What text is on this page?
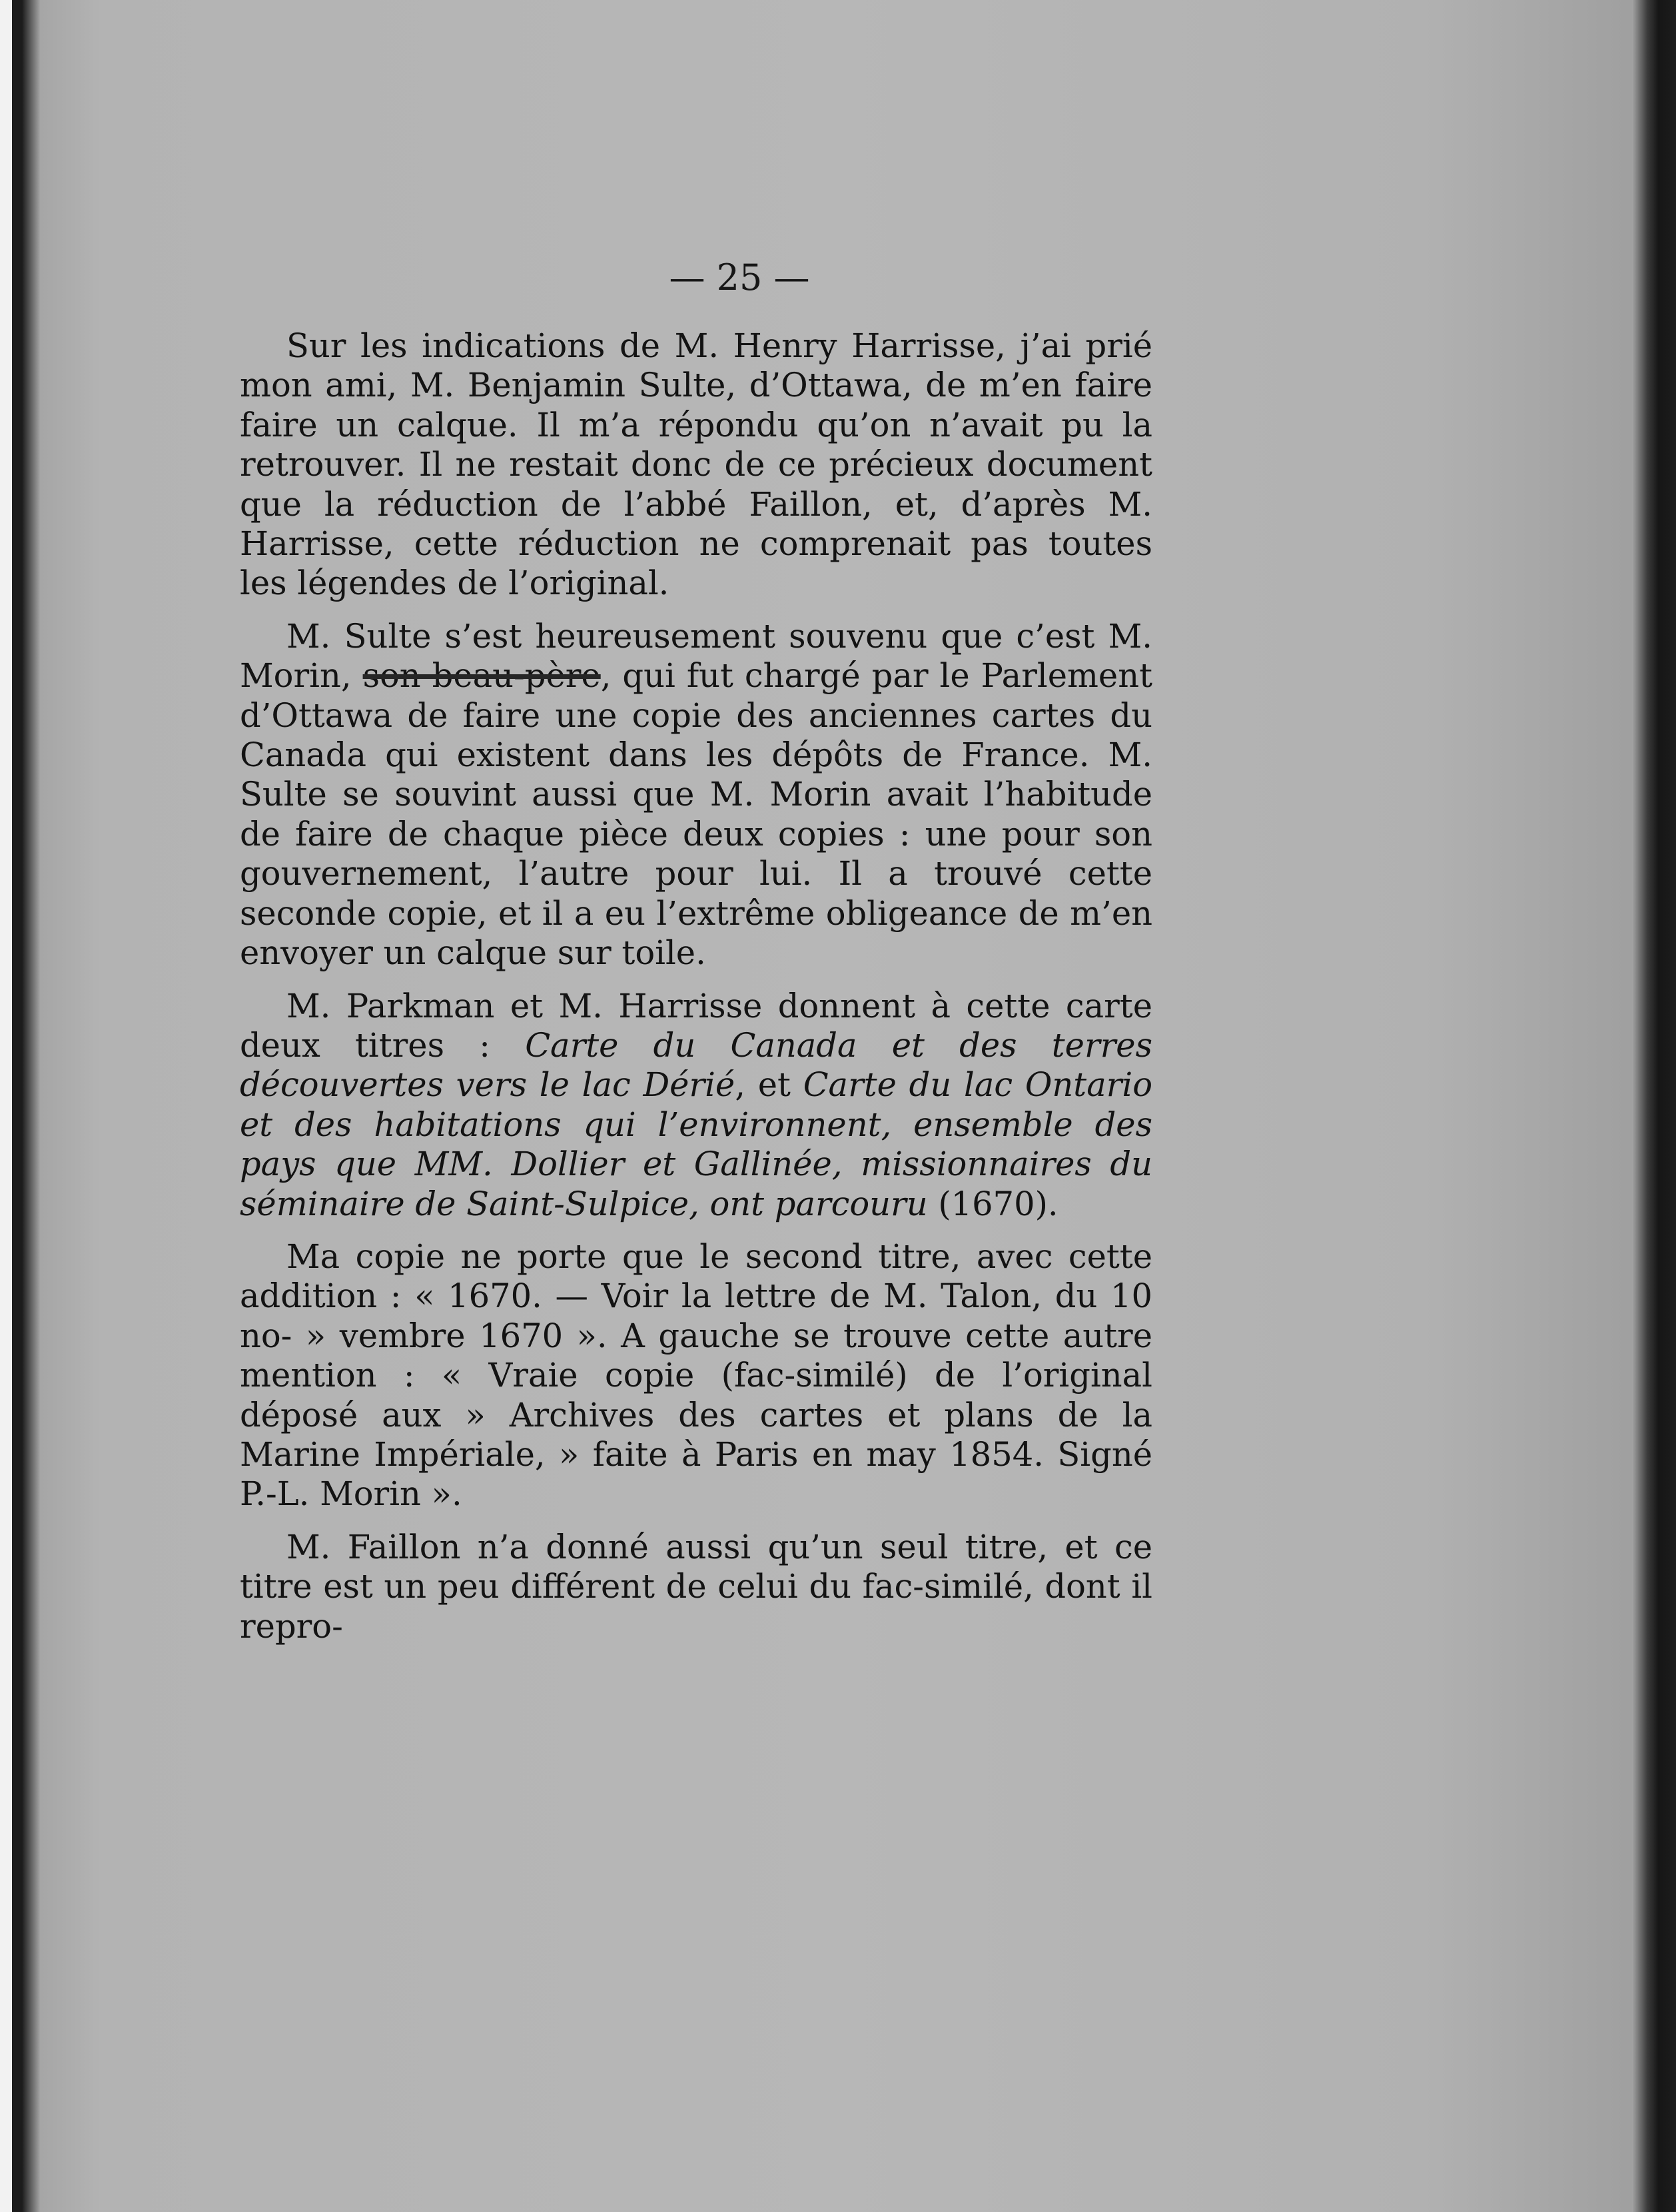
— 25 —

Sur les indications de M. Henry Harrisse, j’ai prié mon ami, M. Benjamin Sulte, d’Ottawa, de m’en faire faire un calque. Il m’a répondu qu’on n’avait pu la retrouver. Il ne restait donc de ce précieux document que la réduction de l’abbé Faillon, et, d’après M. Harrisse, cette réduction ne comprenait pas toutes les légendes de l’original.

M. Sulte s’est heureusement souvenu que c’est M. Morin, son beau-père, qui fut chargé par le Parlement d’Ottawa de faire une copie des anciennes cartes du Canada qui existent dans les dépôts de France. M. Sulte se souvint aussi que M. Morin avait l’habitude de faire de chaque pièce deux copies : une pour son gouvernement, l’autre pour lui. Il a trouvé cette seconde copie, et il a eu l’extrême obligeance de m’en envoyer un calque sur toile.

M. Parkman et M. Harrisse donnent à cette carte deux titres : Carte du Canada et des terres découvertes vers le lac Dérié, et Carte du lac Ontario et des habitations qui l’environnent, ensemble des pays que MM. Dollier et Gallinée, missionnaires du séminaire de Saint-Sulpice, ont parcouru (1670).

Ma copie ne porte que le second titre, avec cette addition : « 1670. — Voir la lettre de M. Talon, du 10 no- » vembre 1670 ». A gauche se trouve cette autre mention : « Vraie copie (fac-similé) de l’original déposé aux » Archives des cartes et plans de la Marine Impériale, » faite à Paris en may 1854. Signé P.-L. Morin ».

M. Faillon n’a donné aussi qu’un seul titre, et ce titre est un peu différent de celui du fac-similé, dont il repro-
